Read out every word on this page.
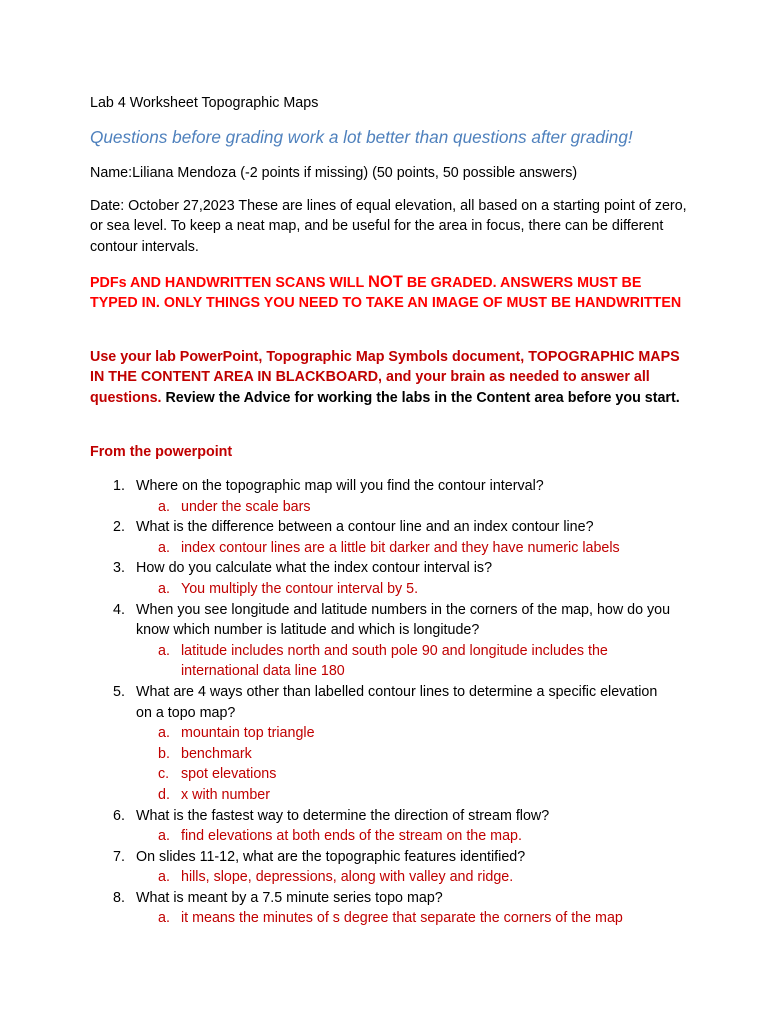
Lab 4 Worksheet Topographic Maps

Questions before grading work a lot better than questions after grading!

Name:Liliana Mendoza (-2 points if missing) (50 points, 50 possible answers)

Date: October 27,2023 These are lines of equal elevation, all based on a starting point of zero, or sea level. To keep a neat map, and be useful for the area in focus, there can be different contour intervals.

PDFs AND HANDWRITTEN SCANS WILL NOT BE GRADED. ANSWERS MUST BE TYPED IN. ONLY THINGS YOU NEED TO TAKE AN IMAGE OF MUST BE HANDWRITTEN

Use your lab PowerPoint, Topographic Map Symbols document, TOPOGRAPHIC MAPS IN THE CONTENT AREA IN BLACKBOARD, and your brain as needed to answer all questions. Review the Advice for working the labs in the Content area before you start.

From the powerpoint

1. Where on the topographic map will you find the contour interval?
a. under the scale bars
2. What is the difference between a contour line and an index contour line?
a. index contour lines are a little bit darker and they have numeric labels
3. How do you calculate what the index contour interval is?
a. You multiply the contour interval by 5.
4. When you see longitude and latitude numbers in the corners of the map, how do you know which number is latitude and which is longitude?
a. latitude includes north and south pole 90 and longitude includes the international data line 180
5. What are 4 ways other than labelled contour lines to determine a specific elevation on a topo map?
a. mountain top triangle
b. benchmark
c. spot elevations
d. x with number
6. What is the fastest way to determine the direction of stream flow?
a. find elevations at both ends of the stream on the map.
7. On slides 11-12, what are the topographic features identified?
a. hills, slope, depressions, along with valley and ridge.
8. What is meant by a 7.5 minute series topo map?
a. it means the minutes of s degree that separate the corners of the map
